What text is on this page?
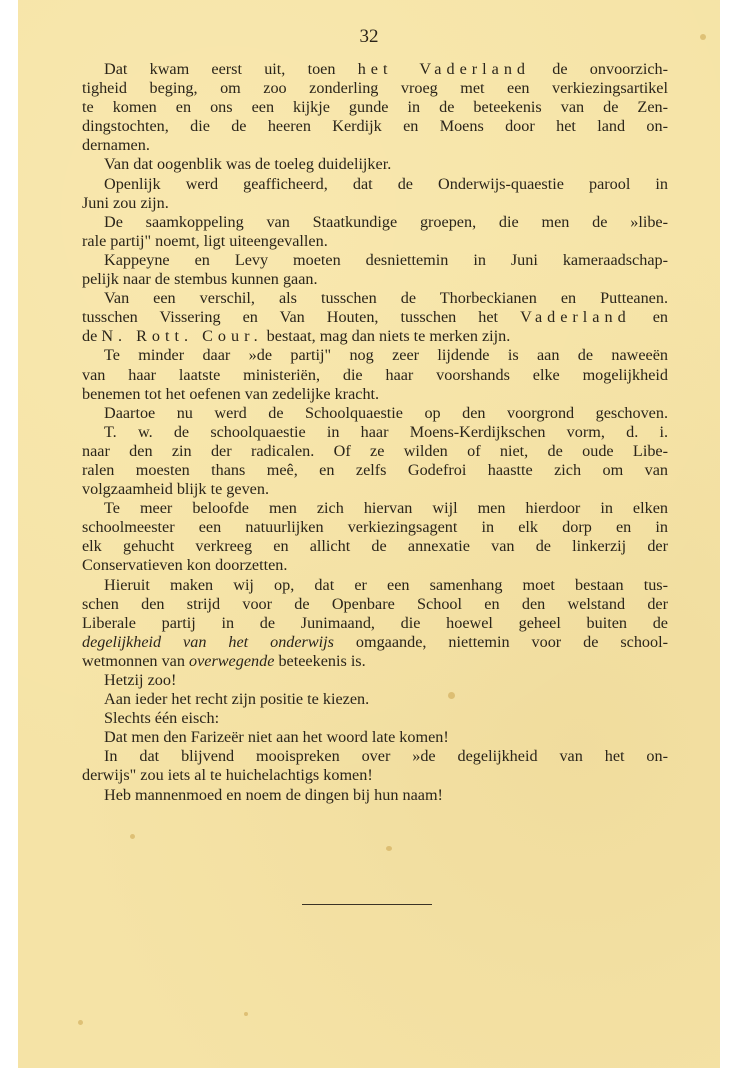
32

Dat kwam eerst uit, toen het Vaderland de onvoorzich-

tigheid beging, om zoo zonderling vroeg met een verkiezingsartikel

te komen en ons een kijkje gunde in de beteekenis van de Zen-

dingstochten, die de heeren Kerdijk en Moens door het land on-

dernamen.

Van dat oogenblik was de toeleg duidelijker.

Openlijk werd geafficheerd, dat de Onderwijs-quaestie parool in

Juni zou zijn.

De saamkoppeling van Staatkundige groepen, die men de »libe-

rale partij" noemt, ligt uiteengevallen.

Kappeyne en Levy moeten desniettemin in Juni kameraadschap-

pelijk naar de stembus kunnen gaan.

Van een verschil, als tusschen de Thorbeckianen en Putteanen.

tusschen Vissering en Van Houten, tusschen het Vaderland en

de N. Rott. Cour. bestaat, mag dan niets te merken zijn.

Te minder daar »de partij" nog zeer lijdende is aan de naweeën

van haar laatste ministeriën, die haar voorshands elke mogelijkheid

benemen tot het oefenen van zedelijke kracht.

Daartoe nu werd de Schoolquaestie op den voorgrond geschoven.

T. w. de schoolquaestie in haar Moens-Kerdijkschen vorm, d. i.

naar den zin der radicalen. Of ze wilden of niet, de oude Libe-

ralen moesten thans meê, en zelfs Godefroi haastte zich om van

volgzaamheid blijk te geven.

Te meer beloofde men zich hiervan wijl men hierdoor in elken

schoolmeester een natuurlijken verkiezingsagent in elk dorp en in

elk gehucht verkreeg en allicht de annexatie van de linkerzij der

Conservatieven kon doorzetten.

Hieruit maken wij op, dat er een samenhang moet bestaan tus-

schen den strijd voor de Openbare School en den welstand der

Liberale partij in de Junimaand, die hoewel geheel buiten de

degelijkheid van het onderwijs omgaande, niettemin voor de school-

wetmonnen van overwegende beteekenis is.

Hetzij zoo!

Aan ieder het recht zijn positie te kiezen.

Slechts één eisch:

Dat men den Farizeër niet aan het woord late komen!

In dat blijvend mooispreken over »de degelijkheid van het on-

derwijs" zou iets al te huichelachtigs komen!

Heb mannenmoed en noem de dingen bij hun naam!
